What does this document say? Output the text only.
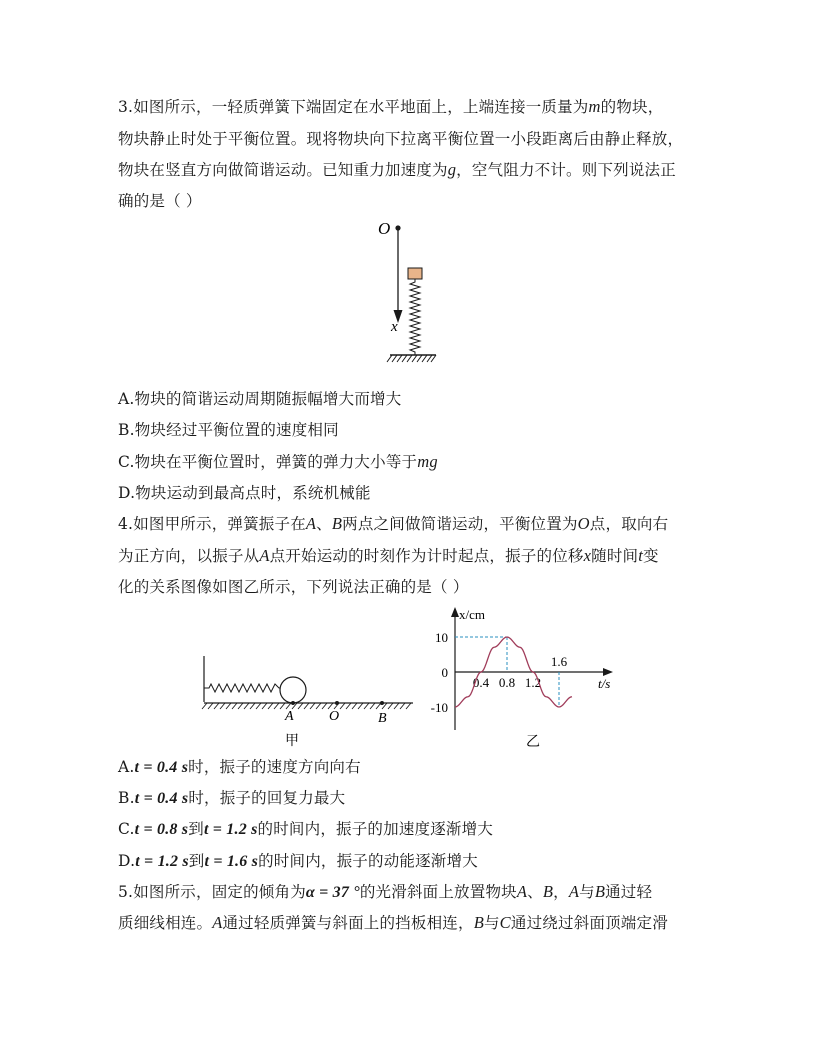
3.如图所示，一轻质弹簧下端固定在水平地面上，上端连接一质量为m的物块，
物块静止时处于平衡位置。现将物块向下拉离平衡位置一小段距离后由静止释放，
物块在竖直方向做简谐运动。已知重力加速度为g，空气阻力不计。则下列说法正
确的是（ ）
O
x
A.物块的简谐运动周期随振幅增大而增大
B.物块经过平衡位置的速度相同
C.物块在平衡位置时，弹簧的弹力大小等于mg
D.物块运动到最高点时，系统机械能
4.如图甲所示，弹簧振子在A、B两点之间做简谐运动，平衡位置为O点，取向右
为正方向，以振子从A点开始运动的时刻作为计时起点，振子的位移x随时间t变
化的关系图像如图乙所示，下列说法正确的是（ ）
A	O	B
甲
x/cm
t/s
10
0
-10
0.4 0.8 1.2
1.6
乙
A.t = 0.4 s时，振子的速度方向向右
B.t = 0.4 s时，振子的回复力最大
C.t = 0.8 s到t = 1.2 s的时间内，振子的加速度逐渐增大
D.t = 1.2 s到t = 1.6 s的时间内，振子的动能逐渐增大
5.如图所示，固定的倾角为α = 37 °的光滑斜面上放置物块A、B，A与B通过轻
质细线相连。A通过轻质弹簧与斜面上的挡板相连，B与C通过绕过斜面顶端定滑
